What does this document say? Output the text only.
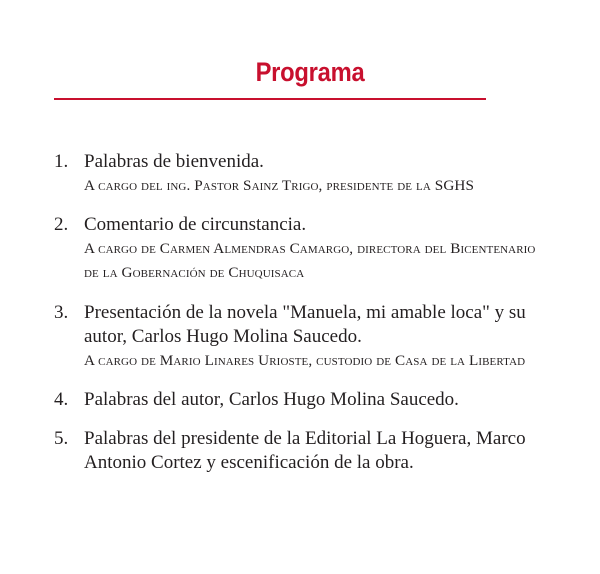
Programa
1. Palabras de bienvenida.
A cargo del ing. Pastor Sainz Trigo, presidente de la SGHS
2. Comentario de circunstancia.
A cargo de Carmen Almendras Camargo, directora del Bicentenario de la Gobernación de Chuquisaca
3. Presentación de la novela "Manuela, mi amable loca" y su autor, Carlos Hugo Molina Saucedo.
A cargo de Mario Linares Urioste, custodio de Casa de la Libertad
4. Palabras del autor, Carlos Hugo Molina Saucedo.
5. Palabras del presidente de la Editorial La Hoguera, Marco Antonio Cortez y escenificación de la obra.
